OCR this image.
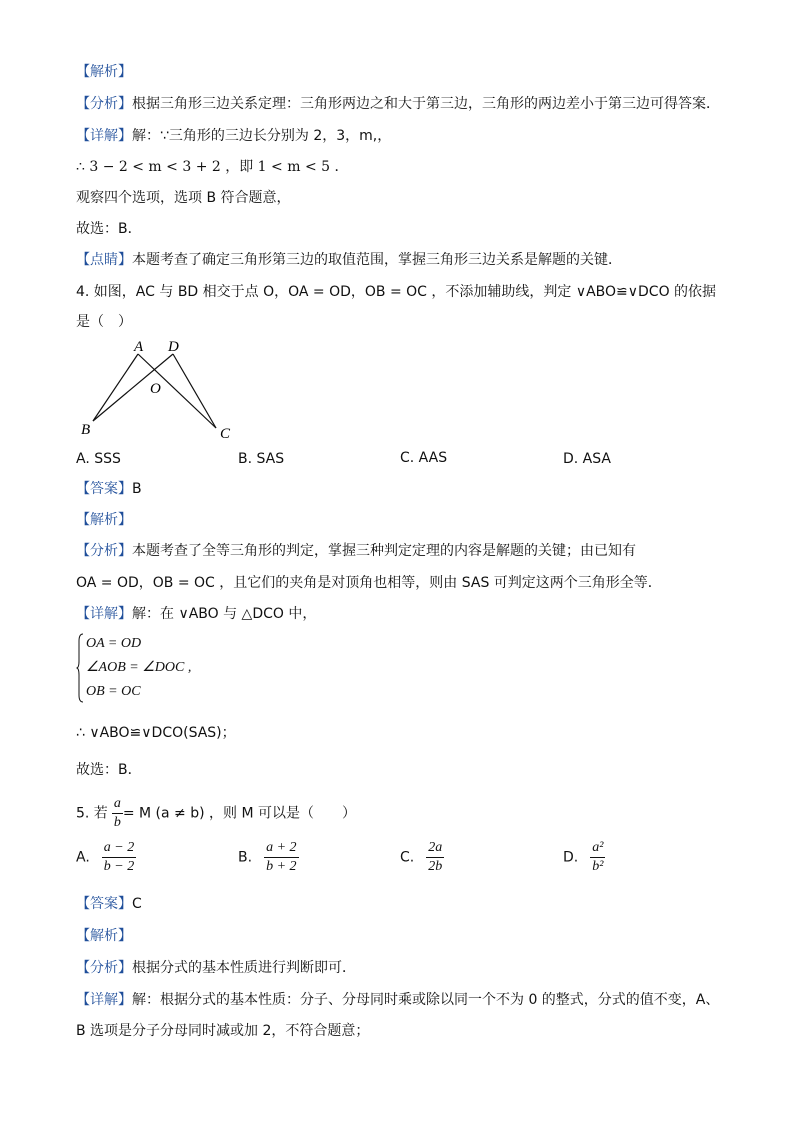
【解析】
【分析】根据三角形三边关系定理：三角形两边之和大于第三边，三角形的两边差小于第三边可得答案．
【详解】解：∵三角形的三边长分别为 2，3，m,，
∴ 3 − 2 < m < 3 + 2 ，即 1 < m < 5 ．
观察四个选项，选项 B 符合题意，
故选：B．
【点睛】本题考查了确定三角形第三边的取值范围，掌握三角形三边关系是解题的关键．
4. 如图，AC 与 BD 相交于点 O，OA = OD，OB = OC ，不添加辅助线，判定 ∨ABO≌∨DCO 的依据
是（　）
A D
O
B	C
A. SSS	B. SAS	C. AAS	D. ASA
【答案】B
【解析】
【分析】本题考查了全等三角形的判定，掌握三种判定定理的内容是解题的关键；由已知有
OA = OD，OB = OC ，且它们的夹角是对顶角也相等，则由 SAS 可判定这两个三角形全等．
【详解】解：在 ∨ABO 与 △DCO 中，
OA = OD
∠AOB = ∠DOC ,
OB = OC
∴ ∨ABO≌∨DCO(SAS)；
故选：B．
5. 若 $\frac{a}{b} = M$ (a ≠ b) ，则 M 可以是（　　）
A. $\frac{a - 2}{b - 2}$	B. $\frac{a + 2}{b + 2}$	C. $\frac{2a}{2b}$	D. $\frac{\text{a²}}{\text{b²}}$
【答案】C
【解析】
【分析】根据分式的基本性质进行判断即可．
【详解】解：根据分式的基本性质：分子、分母同时乘或除以同一个不为 0 的整式，分式的值不变，A、
B 选项是分子分母同时减或加 2，不符合题意；
